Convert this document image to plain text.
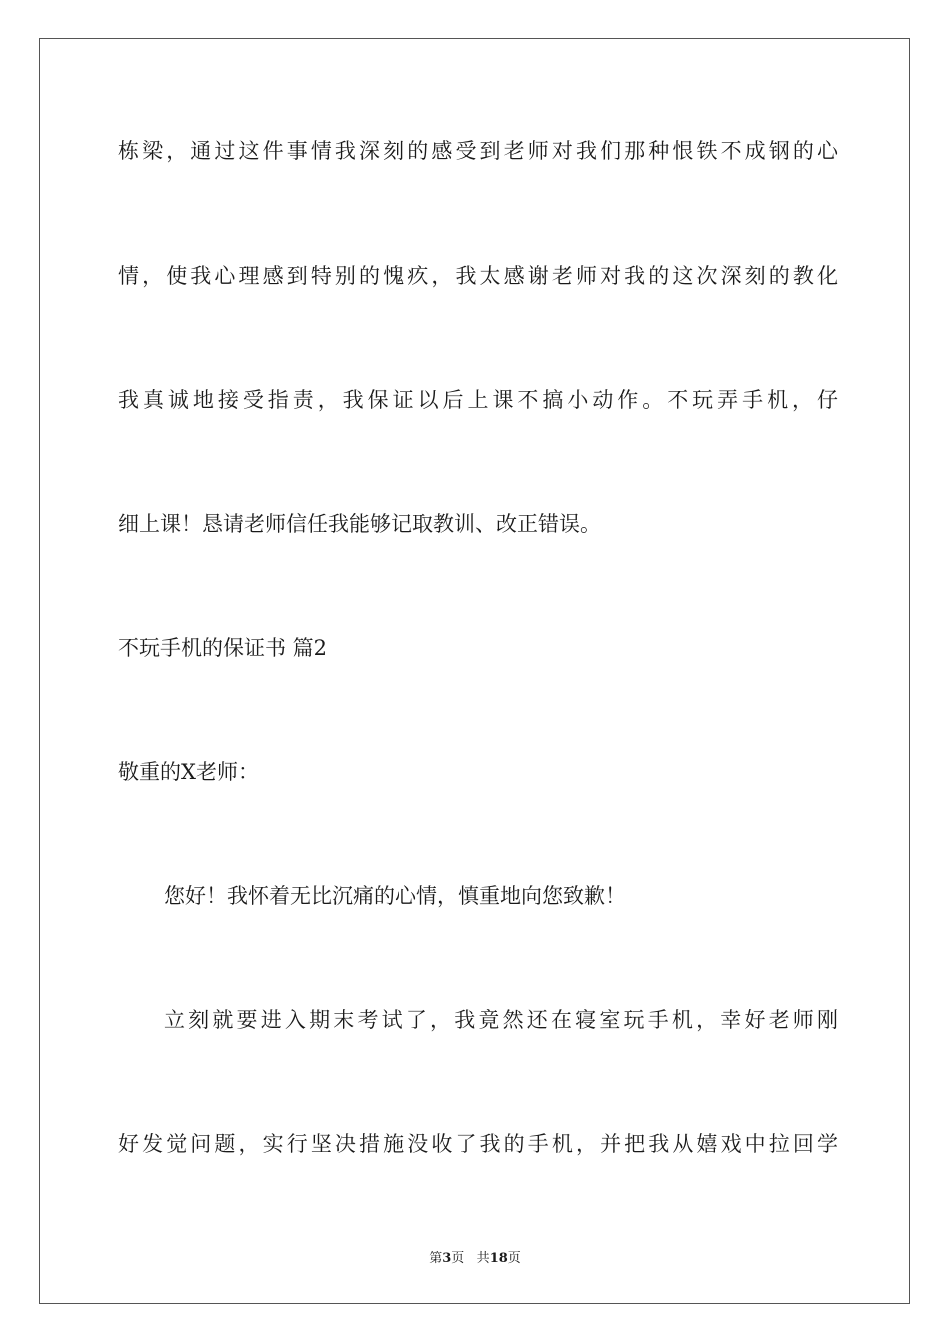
栋梁，通过这件事情我深刻的感受到老师对我们那种恨铁不成钢的心
情，使我心理感到特别的愧疚，我太感谢老师对我的这次深刻的教化
我真诚地接受指责，我保证以后上课不搞小动作。不玩弄手机，仔
细上课！恳请老师信任我能够记取教训、改正错误。
不玩手机的保证书 篇2
敬重的X老师：
您好！我怀着无比沉痛的心情，慎重地向您致歉！
立刻就要进入期末考试了，我竟然还在寝室玩手机，幸好老师刚
好发觉问题，实行坚决措施没收了我的手机，并把我从嬉戏中拉回学
第3页 共18页
